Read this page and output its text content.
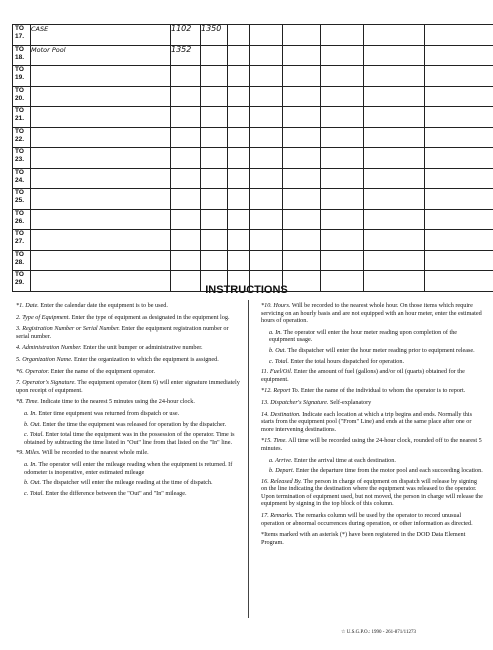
TO
17.	CASE	1102	1350						

TO
18.	Motor Pool	1352							

TO
19.									

TO
20.									

TO
21.									

TO
22.									

TO
23.									

TO
24.									

TO
25.									

TO
26.									

TO
27.									

TO
28.									

TO
29.									

INSTRUCTIONS

*1. Date. Enter the calendar date the equipment is to be used.

2. Type of Equipment. Enter the type of equipment as designated in the equipment log.

3. Registration Number or Serial Number. Enter the equipment registration number or serial number.

4. Administration Number. Enter the unit bumper or administrative number.

5. Organization Name. Enter the organization to which the equipment is assigned.

*6. Operator. Enter the name of the equipment operator.

7. Operator's Signature. The equipment operator (item 6) will enter signature immediately upon receipt of equipment.

*8. Time. Indicate time to the nearest 5 minutes using the 24-hour clock.

a. In. Enter time equipment was returned from dispatch or use.

b. Out. Enter the time the equipment was released for operation by the dispatcher.

c. Total. Enter total time the equipment was in the possession of the operator. Time is obtained by subtracting the time listed in "Out" line from that listed on the "In" line.

*9. Miles. Will be recorded to the nearest whole mile.

a. In. The operator will enter the mileage reading when the equipment is returned. If odometer is inoperative, enter estimated mileage

b. Out. The dispatcher will enter the mileage reading at the time of dispatch.

c. Total. Enter the difference between the "Out" and "In" mileage.

*10. Hours. Will be recorded to the nearest whole hour. On those items which require servicing on an hourly basis and are not equipped with an hour meter, enter the estimated hours of operation.

a. In. The operator will enter the hour meter reading upon completion of the equipment usage.

b. Out. The dispatcher will enter the hour meter reading prior to equipment release.

c. Total. Enter the total hours dispatched for operation.

11. Fuel/Oil. Enter the amount of fuel (gallons) and/or oil (quarts) obtained for the equipment.

*12. Report To. Enter the name of the individual to whom the operator is to report.

13. Dispatcher's Signature. Self-explanatory

14. Destination. Indicate each location at which a trip begins and ends. Normally this starts from the equipment pool ("From" Line) and ends at the same place after one or more intervening destinations.

*15. Time. All time will be recorded using the 24-hour clock, rounded off to the nearest 5 minutes.

a. Arrive. Enter the arrival time at each destination.

b. Depart. Enter the departure time from the motor pool and each succeeding location.

16. Released By. The person in charge of equipment on dispatch will release by signing on the line indicating the destination where the equipment was released to the operator. Upon termination of equipment used, but not moved, the person in charge will release the equipment by signing in the top block of this column.

17. Remarks. The remarks column will be used by the operator to record unusual operation or abnormal occurrences during operation, or other information as directed.

*Items marked with an asterisk (*) have been registered in the DOD Data Element Program.

☆ U.S.G.P.O.: 1990 - 261-871/11273
